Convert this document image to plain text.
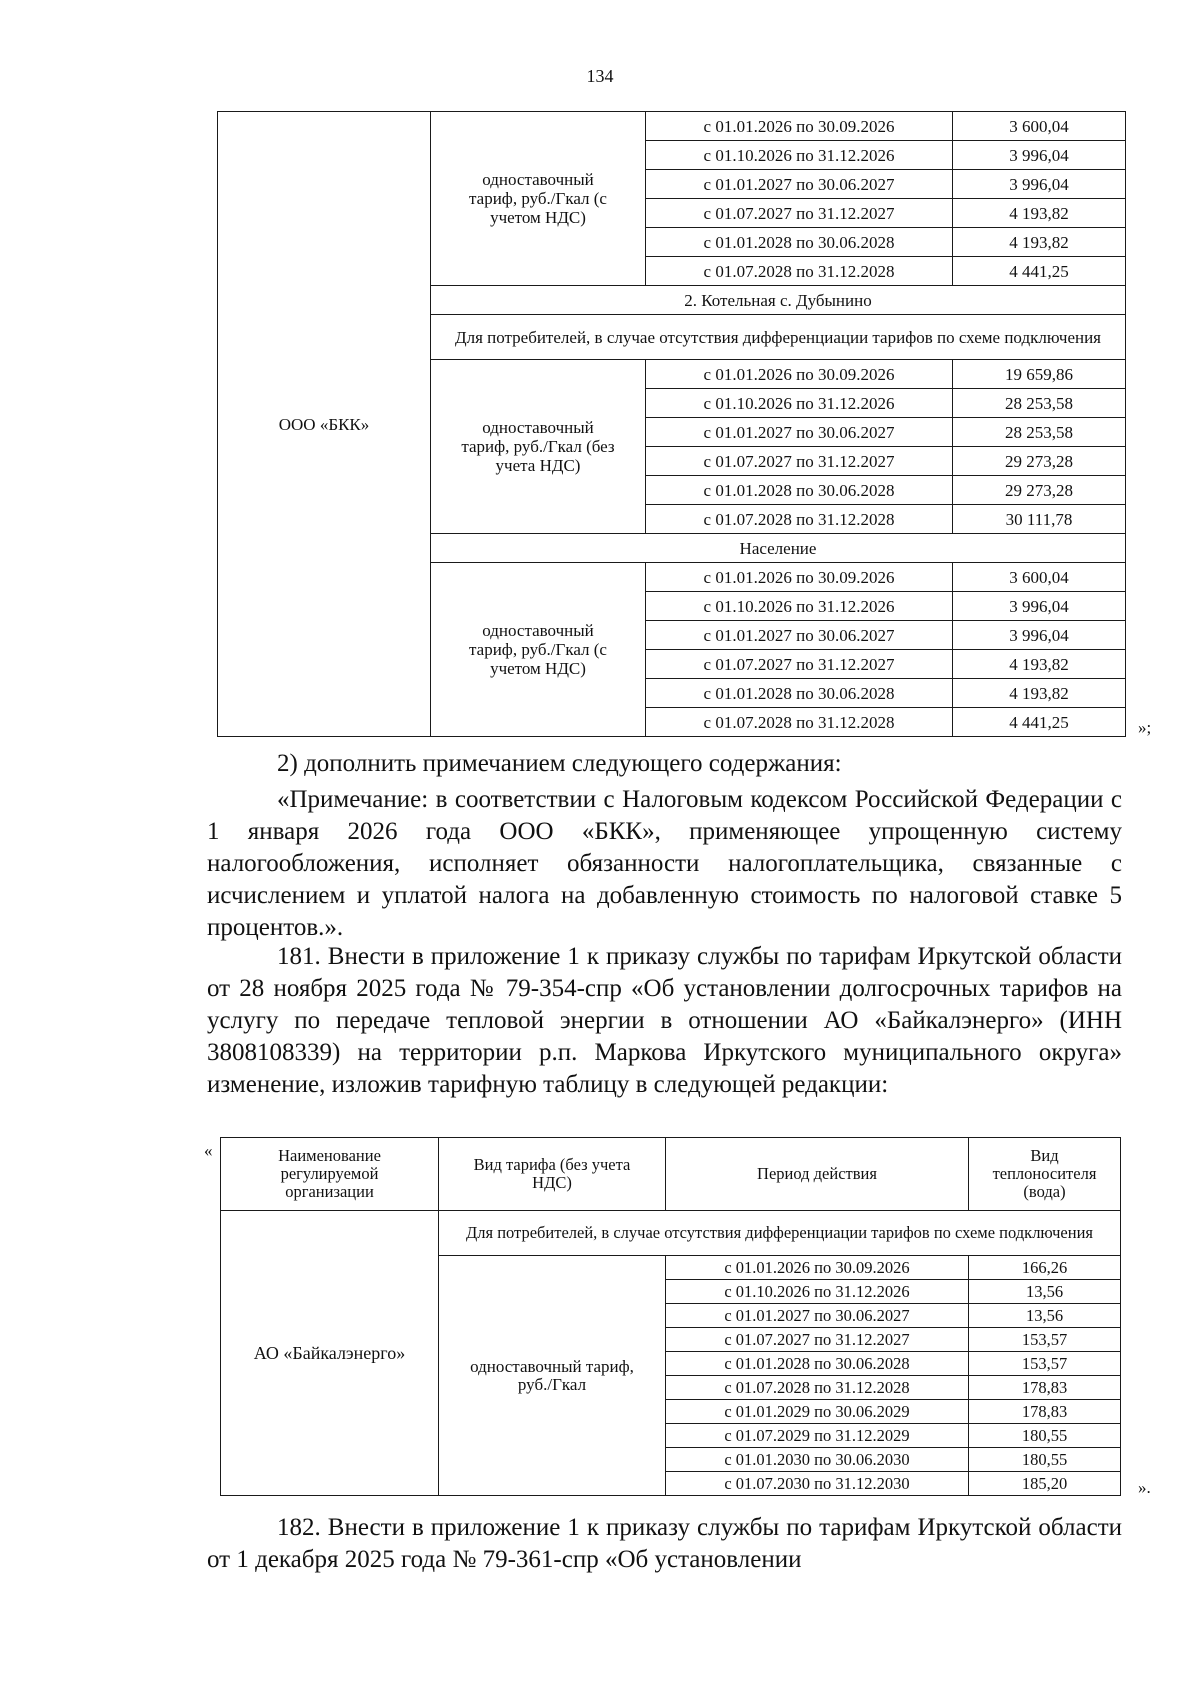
134
ООО «БКК»	одноставочный тариф, руб./Гкал (с учетом НДС)	с 01.01.2026 по 30.09.2026	3 600,04
		с 01.10.2026 по 31.12.2026	3 996,04
		с 01.01.2027 по 30.06.2027	3 996,04
		с 01.07.2027 по 31.12.2027	4 193,82
		с 01.01.2028 по 30.06.2028	4 193,82
		с 01.07.2028 по 31.12.2028	4 441,25
	2. Котельная с. Дубынино		
	Для потребителей, в случае отсутствия дифференциации тарифов по схеме подключения		
	одноставочный тариф, руб./Гкал (без учета НДС)	с 01.01.2026 по 30.09.2026	19 659,86
		с 01.10.2026 по 31.12.2026	28 253,58
		с 01.01.2027 по 30.06.2027	28 253,58
		с 01.07.2027 по 31.12.2027	29 273,28
		с 01.01.2028 по 30.06.2028	29 273,28
		с 01.07.2028 по 31.12.2028	30 111,78
	Население		
	одноставочный тариф, руб./Гкал (с учетом НДС)	с 01.01.2026 по 30.09.2026	3 600,04
		с 01.10.2026 по 31.12.2026	3 996,04
		с 01.01.2027 по 30.06.2027	3 996,04
		с 01.07.2027 по 31.12.2027	4 193,82
		с 01.01.2028 по 30.06.2028	4 193,82
		с 01.07.2028 по 31.12.2028	4 441,25	»;
2) дополнить примечанием следующего содержания:
«Примечание: в соответствии с Налоговым кодексом Российской Федерации с 1 января 2026 года ООО «БКК», применяющее упрощенную систему налогообложения, исполняет обязанности налогоплательщика, связанные с исчислением и уплатой налога на добавленную стоимость по налоговой ставке 5 процентов.».
181. Внести в приложение 1 к приказу службы по тарифам Иркутской области от 28 ноября 2025 года № 79-354-спр «Об установлении долгосрочных тарифов на услугу по передаче тепловой энергии в отношении АО «Байкалэнерго» (ИНН 3808108339) на территории р.п. Маркова Иркутского муниципального округа» изменение, изложив тарифную таблицу в следующей редакции:
«	Наименование регулируемой организации	Вид тарифа (без учета НДС)	Период действия	Вид теплоносителя (вода)
АО «Байкалэнерго»	Для потребителей, в случае отсутствия дифференциации тарифов по схеме подключения		
	одноставочный тариф, руб./Гкал	с 01.01.2026 по 30.09.2026	166,26
		с 01.10.2026 по 31.12.2026	13,56
		с 01.01.2027 по 30.06.2027	13,56
		с 01.07.2027 по 31.12.2027	153,57
		с 01.01.2028 по 30.06.2028	153,57
		с 01.07.2028 по 31.12.2028	178,83
		с 01.01.2029 по 30.06.2029	178,83
		с 01.07.2029 по 31.12.2029	180,55
		с 01.01.2030 по 30.06.2030	180,55
		с 01.07.2030 по 31.12.2030	185,20	».
182. Внести в приложение 1 к приказу службы по тарифам Иркутской области от 1 декабря 2025 года № 79-361-спр «Об установлении
